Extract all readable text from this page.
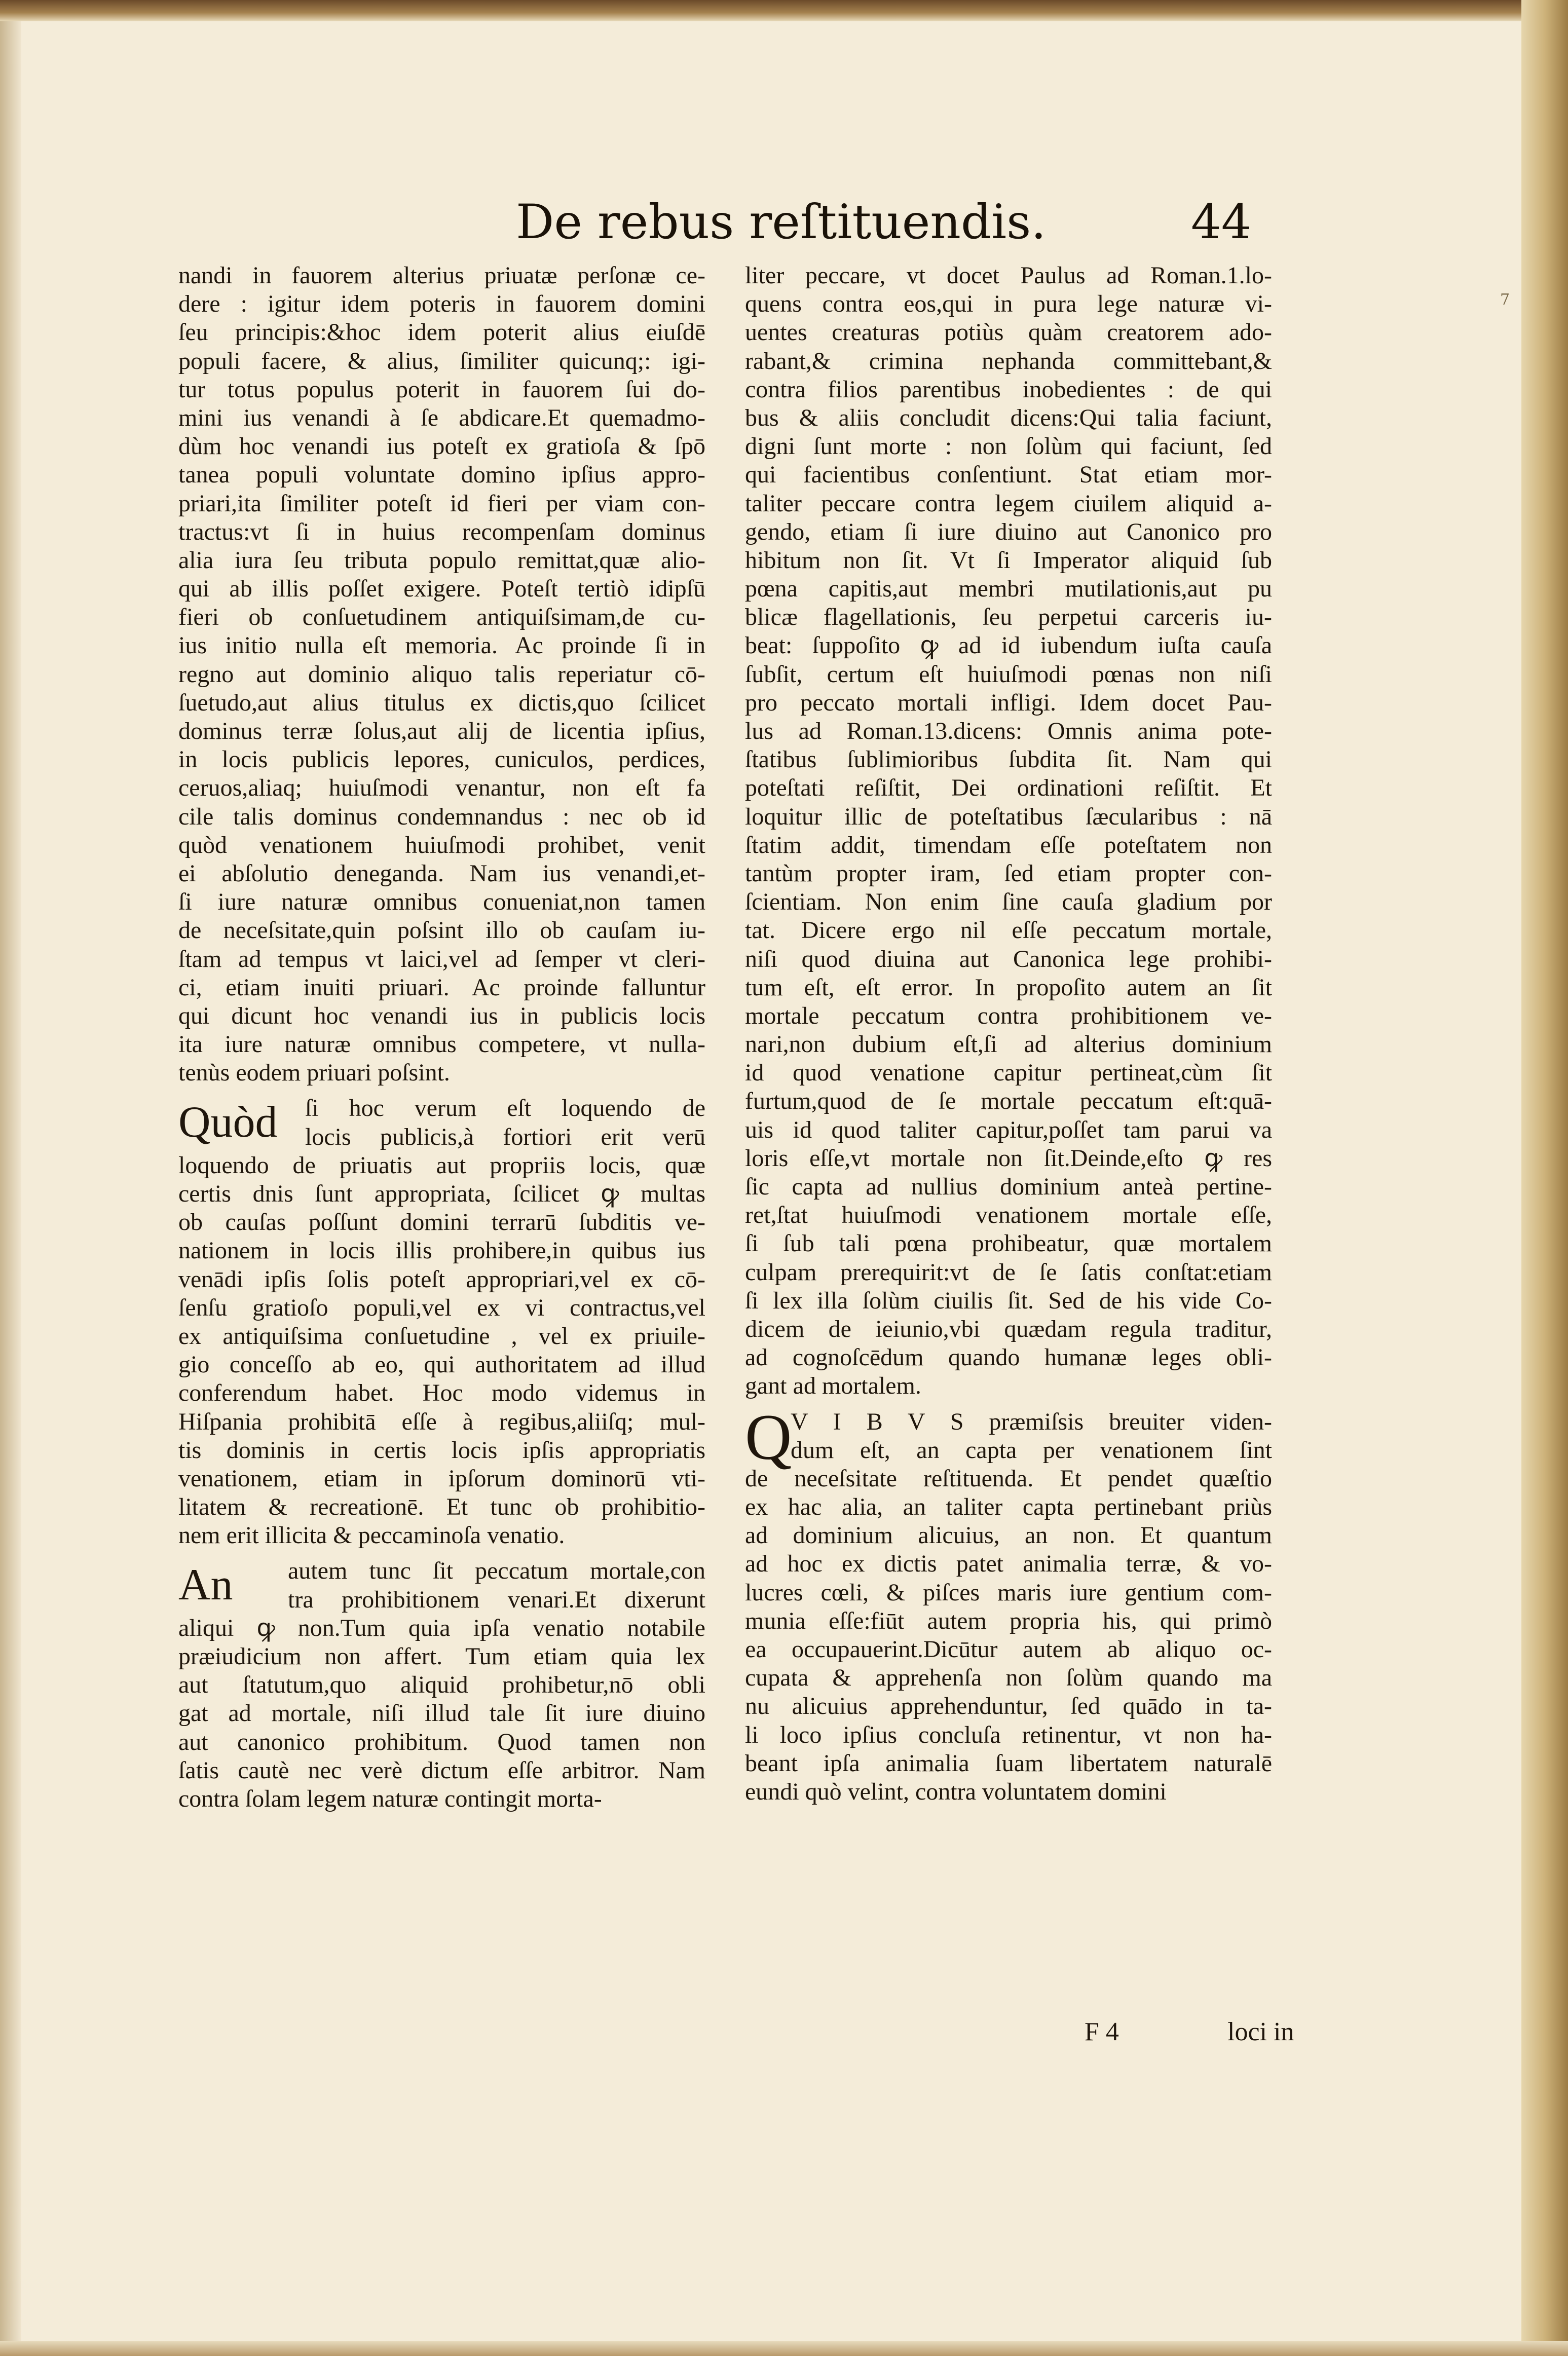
De rebus reſtituendis.	44
7
nandi in fauorem alterius priuatæ perſonæ ce-
dere : igitur idem poteris in fauorem domini
ſeu principis:&hoc idem poterit alius eiuſdē
populi facere, & alius, ſimiliter quicunq;: igi-
tur totus populus poterit in fauorem ſui do-
mini ius venandi à ſe abdicare.Et quemadmo-
dùm hoc venandi ius poteſt ex gratioſa & ſpō
tanea populi voluntate domino ipſius appro-
priari,ita ſimiliter poteſt id fieri per viam con-
tractus:vt ſi in huius recompenſam dominus
alia iura ſeu tributa populo remittat,quæ alio-
qui ab illis poſſet exigere. Poteſt tertiò idipſū
fieri ob conſuetudinem antiquiſsimam,de cu-
ius initio nulla eſt memoria. Ac proinde ſi in
regno aut dominio aliquo talis reperiatur cō-
ſuetudo,aut alius titulus ex dictis,quo ſcilicet
dominus terræ ſolus,aut alij de licentia ipſius,
in locis publicis lepores, cuniculos, perdices,
ceruos,aliaq; huiuſmodi venantur, non eſt fa
cile talis dominus condemnandus : nec ob id
quòd venationem huiuſmodi prohibet, venit
ei abſolutio deneganda. Nam ius venandi,et-
ſi iure naturæ omnibus conueniat,non tamen
de neceſsitate,quin poſsint illo ob cauſam iu-
ſtam ad tempus vt laici,vel ad ſemper vt cleri-
ci, etiam inuiti priuari. Ac proinde falluntur
qui dicunt hoc venandi ius in publicis locis
ita iure naturæ omnibus competere, vt nulla-
tenùs eodem priuari poſsint.
Quòd ſi hoc verum eſt loquendo de
locis publicis,à fortiori erit verū
loquendo de priuatis aut propriis locis, quæ
certis dnis ſunt appropriata, ſcilicet ꝙ multas
ob cauſas poſſunt domini terrarū ſubditis ve-
nationem in locis illis prohibere,in quibus ius
venādi ipſis ſolis poteſt appropriari,vel ex cō-
ſenſu gratioſo populi,vel ex vi contractus,vel
ex antiquiſsima conſuetudine , vel ex priuile-
gio conceſſo ab eo, qui authoritatem ad illud
conferendum habet. Hoc modo videmus in
Hiſpania prohibitā eſſe à regibus,aliiſq; mul-
tis dominis in certis locis ipſis appropriatis
venationem, etiam in ipſorum dominorū vti-
litatem & recreationē. Et tunc ob prohibitio-
nem erit illicita & peccaminoſa venatio.
An autem tunc ſit peccatum mortale,con
tra prohibitionem venari.Et dixerunt
aliqui ꝙ non.Tum quia ipſa venatio notabile
præiudicium non affert. Tum etiam quia lex
aut ſtatutum,quo aliquid prohibetur,nō obli
gat ad mortale, niſi illud tale ſit iure diuino
aut canonico prohibitum. Quod tamen non
ſatis cautè nec verè dictum eſſe arbitror. Nam
contra ſolam legem naturæ contingit morta-
liter peccare, vt docet Paulus ad Roman.1.lo-
quens contra eos,qui in pura lege naturæ vi-
uentes creaturas potiùs quàm creatorem ado-
rabant,& crimina nephanda committebant,&
contra filios parentibus inobedientes : de qui
bus & aliis concludit dicens:Qui talia faciunt,
digni ſunt morte : non ſolùm qui faciunt, ſed
qui facientibus conſentiunt. Stat etiam mor-
taliter peccare contra legem ciuilem aliquid a-
gendo, etiam ſi iure diuino aut Canonico pro
hibitum non ſit. Vt ſi Imperator aliquid ſub
pœna capitis,aut membri mutilationis,aut pu
blicæ flagellationis, ſeu perpetui carceris iu-
beat: ſuppoſito ꝙ ad id iubendum iuſta cauſa
ſubſit, certum eſt huiuſmodi pœnas non niſi
pro peccato mortali infligi. Idem docet Pau-
lus ad Roman.13.dicens: Omnis anima pote-
ſtatibus ſublimioribus ſubdita ſit. Nam qui
poteſtati reſiſtit, Dei ordinationi reſiſtit. Et
loquitur illic de poteſtatibus ſæcularibus : nā
ſtatim addit, timendam eſſe poteſtatem non
tantùm propter iram, ſed etiam propter con-
ſcientiam. Non enim ſine cauſa gladium por
tat. Dicere ergo nil eſſe peccatum mortale,
niſi quod diuina aut Canonica lege prohibi-
tum eſt, eſt error. In propoſito autem an ſit
mortale peccatum contra prohibitionem ve-
nari,non dubium eſt,ſi ad alterius dominium
id quod venatione capitur pertineat,cùm ſit
furtum,quod de ſe mortale peccatum eſt:quā-
uis id quod taliter capitur,poſſet tam parui va
loris eſſe,vt mortale non ſit.Deinde,eſto ꝙ res
ſic capta ad nullius dominium anteà pertine-
ret,ſtat huiuſmodi venationem mortale eſſe,
ſi ſub tali pœna prohibeatur, quæ mortalem
culpam prerequirit:vt de ſe ſatis conſtat:etiam
ſi lex illa ſolùm ciuilis ſit. Sed de his vide Co-
dicem de ieiunio,vbi quædam regula traditur,
ad cognoſcēdum quando humanæ leges obli-
gant ad mortalem.
Q
V I B V S præmiſsis breuiter viden-
dum eſt, an capta per venationem ſint
de neceſsitate reſtituenda. Et pendet quæſtio
ex hac alia, an taliter capta pertinebant priùs
ad dominium alicuius, an non. Et quantum
ad hoc ex dictis patet animalia terræ, & vo-
lucres cœli, & piſces maris iure gentium com-
munia eſſe:fiūt autem propria his, qui primò
ea occupauerint.Dicūtur autem ab aliquo oc-
cupata & apprehenſa non ſolùm quando ma
nu alicuius apprehenduntur, ſed quādo in ta-
li loco ipſius concluſa retinentur, vt non ha-
beant ipſa animalia ſuam libertatem naturalē
eundi quò velint, contra voluntatem domini
F 4	loci in
